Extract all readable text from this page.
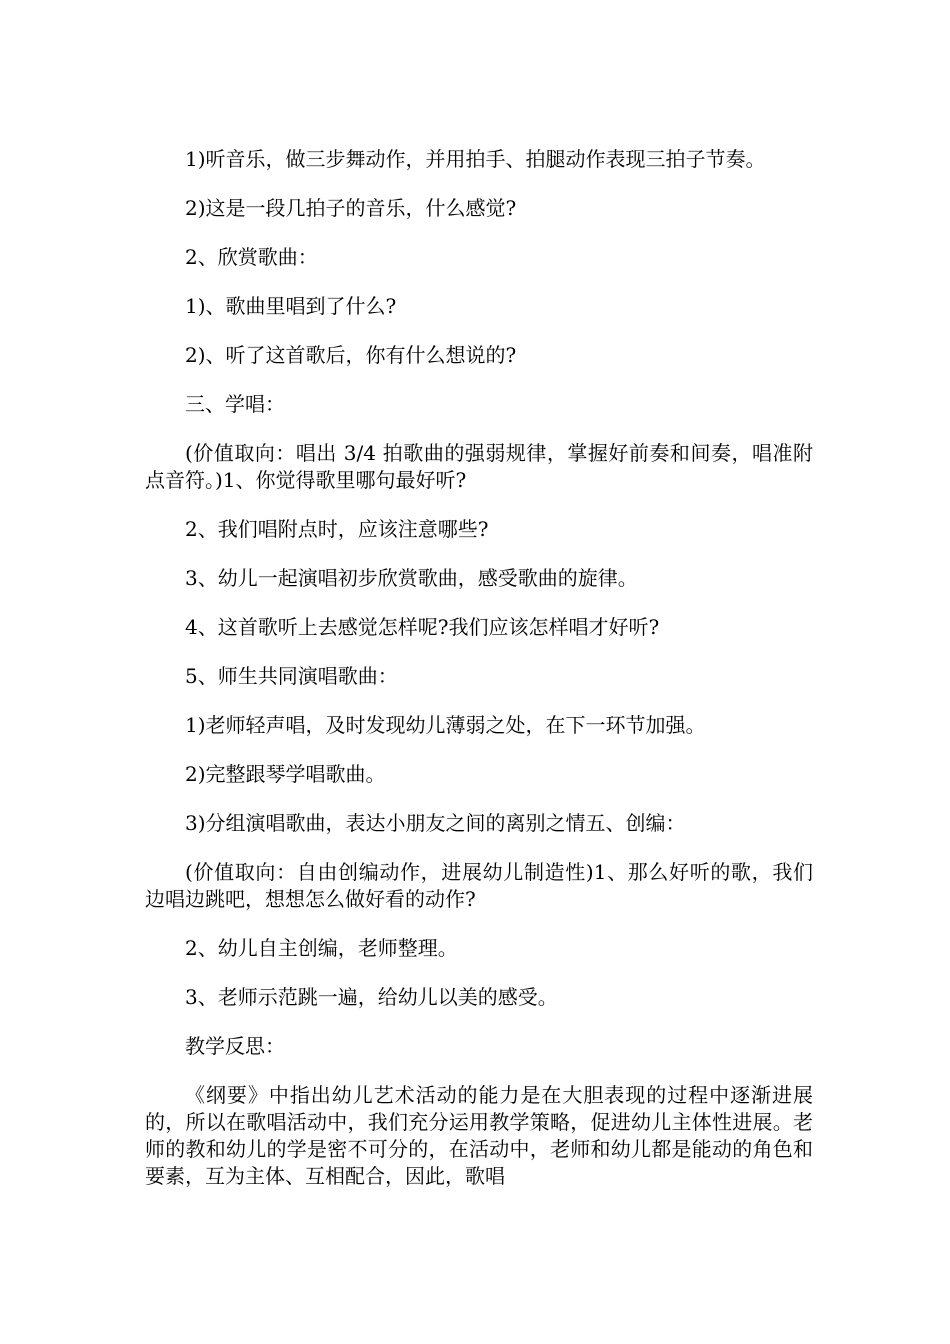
1)听音乐，做三步舞动作，并用拍手、拍腿动作表现三拍子节奏。

2)这是一段几拍子的音乐，什么感觉?

2、欣赏歌曲：

1)、歌曲里唱到了什么?

2)、听了这首歌后，你有什么想说的?

三、学唱：

(价值取向：唱出 3/4 拍歌曲的强弱规律，掌握好前奏和间奏，唱准附点音符。)1、你觉得歌里哪句最好听?

2、我们唱附点时，应该注意哪些?

3、幼儿一起演唱初步欣赏歌曲，感受歌曲的旋律。

4、这首歌听上去感觉怎样呢?我们应该怎样唱才好听?

5、师生共同演唱歌曲：

1)老师轻声唱，及时发现幼儿薄弱之处，在下一环节加强。

2)完整跟琴学唱歌曲。

3)分组演唱歌曲，表达小朋友之间的离别之情五、创编：

(价值取向：自由创编动作，进展幼儿制造性)1、那么好听的歌，我们边唱边跳吧，想想怎么做好看的动作?

2、幼儿自主创编，老师整理。

3、老师示范跳一遍，给幼儿以美的感受。

教学反思：

《纲要》中指出幼儿艺术活动的能力是在大胆表现的过程中逐渐进展的，所以在歌唱活动中，我们充分运用教学策略，促进幼儿主体性进展。老师的教和幼儿的学是密不可分的，在活动中，老师和幼儿都是能动的角色和要素，互为主体、互相配合，因此，歌唱
